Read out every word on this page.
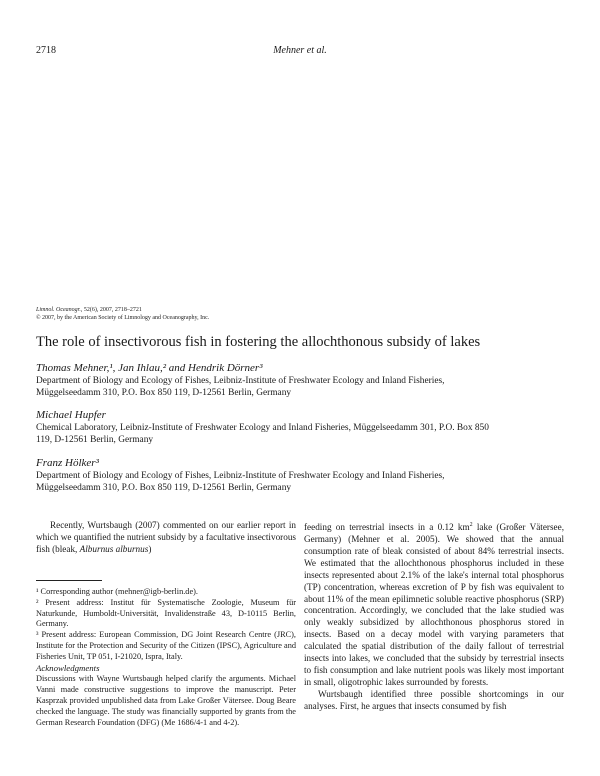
2718	Mehner et al.
Limnol. Oceanogr., 52(6), 2007, 2718–2721
© 2007, by the American Society of Limnology and Oceanography, Inc.
The role of insectivorous fish in fostering the allochthonous subsidy of lakes
Thomas Mehner,¹, Jan Ihlau,² and Hendrik Dörner³
Department of Biology and Ecology of Fishes, Leibniz-Institute of Freshwater Ecology and Inland Fisheries,
Müggelseedamm 310, P.O. Box 850 119, D-12561 Berlin, Germany
Michael Hupfer
Chemical Laboratory, Leibniz-Institute of Freshwater Ecology and Inland Fisheries, Müggelseedamm 301, P.O. Box 850
119, D-12561 Berlin, Germany
Franz Hölker³
Department of Biology and Ecology of Fishes, Leibniz-Institute of Freshwater Ecology and Inland Fisheries,
Müggelseedamm 310, P.O. Box 850 119, D-12561 Berlin, Germany

Recently, Wurtsbaugh (2007) commented on our earlier report in which we quantified the nutrient subsidy by a facultative insectivorous fish (bleak, Alburnus alburnus)

¹ Corresponding author (mehner@igb-berlin.de).

² Present address: Institut für Systematische Zoologie, Museum für Naturkunde, Humboldt-Universität, Invalidenstraße 43, D-10115 Berlin, Germany.

³ Present address: European Commission, DG Joint Research Centre (JRC), Institute for the Protection and Security of the Citizen (IPSC), Agriculture and Fisheries Unit, TP 051, I-21020, Ispra, Italy.

Acknowledgments

Discussions with Wayne Wurtsbaugh helped clarify the arguments. Michael Vanni made constructive suggestions to improve the manuscript. Peter Kasprzak provided unpublished data from Lake Großer Vätersee. Doug Beare checked the language. The study was financially supported by grants from the German Research Foundation (DFG) (Me 1686/4-1 and 4-2).

feeding on terrestrial insects in a 0.12 $km^2$ lake (Großer Vätersee, Germany) (Mehner et al. 2005). We showed that the annual consumption rate of bleak consisted of about 84% terrestrial insects. We estimated that the allochthonous phosphorus included in these insects represented about 2.1% of the lake's internal total phosphorus (TP) concentration, whereas excretion of P by fish was equivalent to about 11% of the mean epilimnetic soluble reactive phosphorus (SRP) concentration. Accordingly, we concluded that the lake studied was only weakly subsidized by allochthonous phosphorus stored in insects. Based on a decay model with varying parameters that calculated the spatial distribution of the daily fallout of terrestrial insects into lakes, we concluded that the subsidy by terrestrial insects to fish consumption and lake nutrient pools was likely most important in small, oligotrophic lakes surrounded by forests.

Wurtsbaugh identified three possible shortcomings in our analyses. First, he argues that insects consumed by fish
